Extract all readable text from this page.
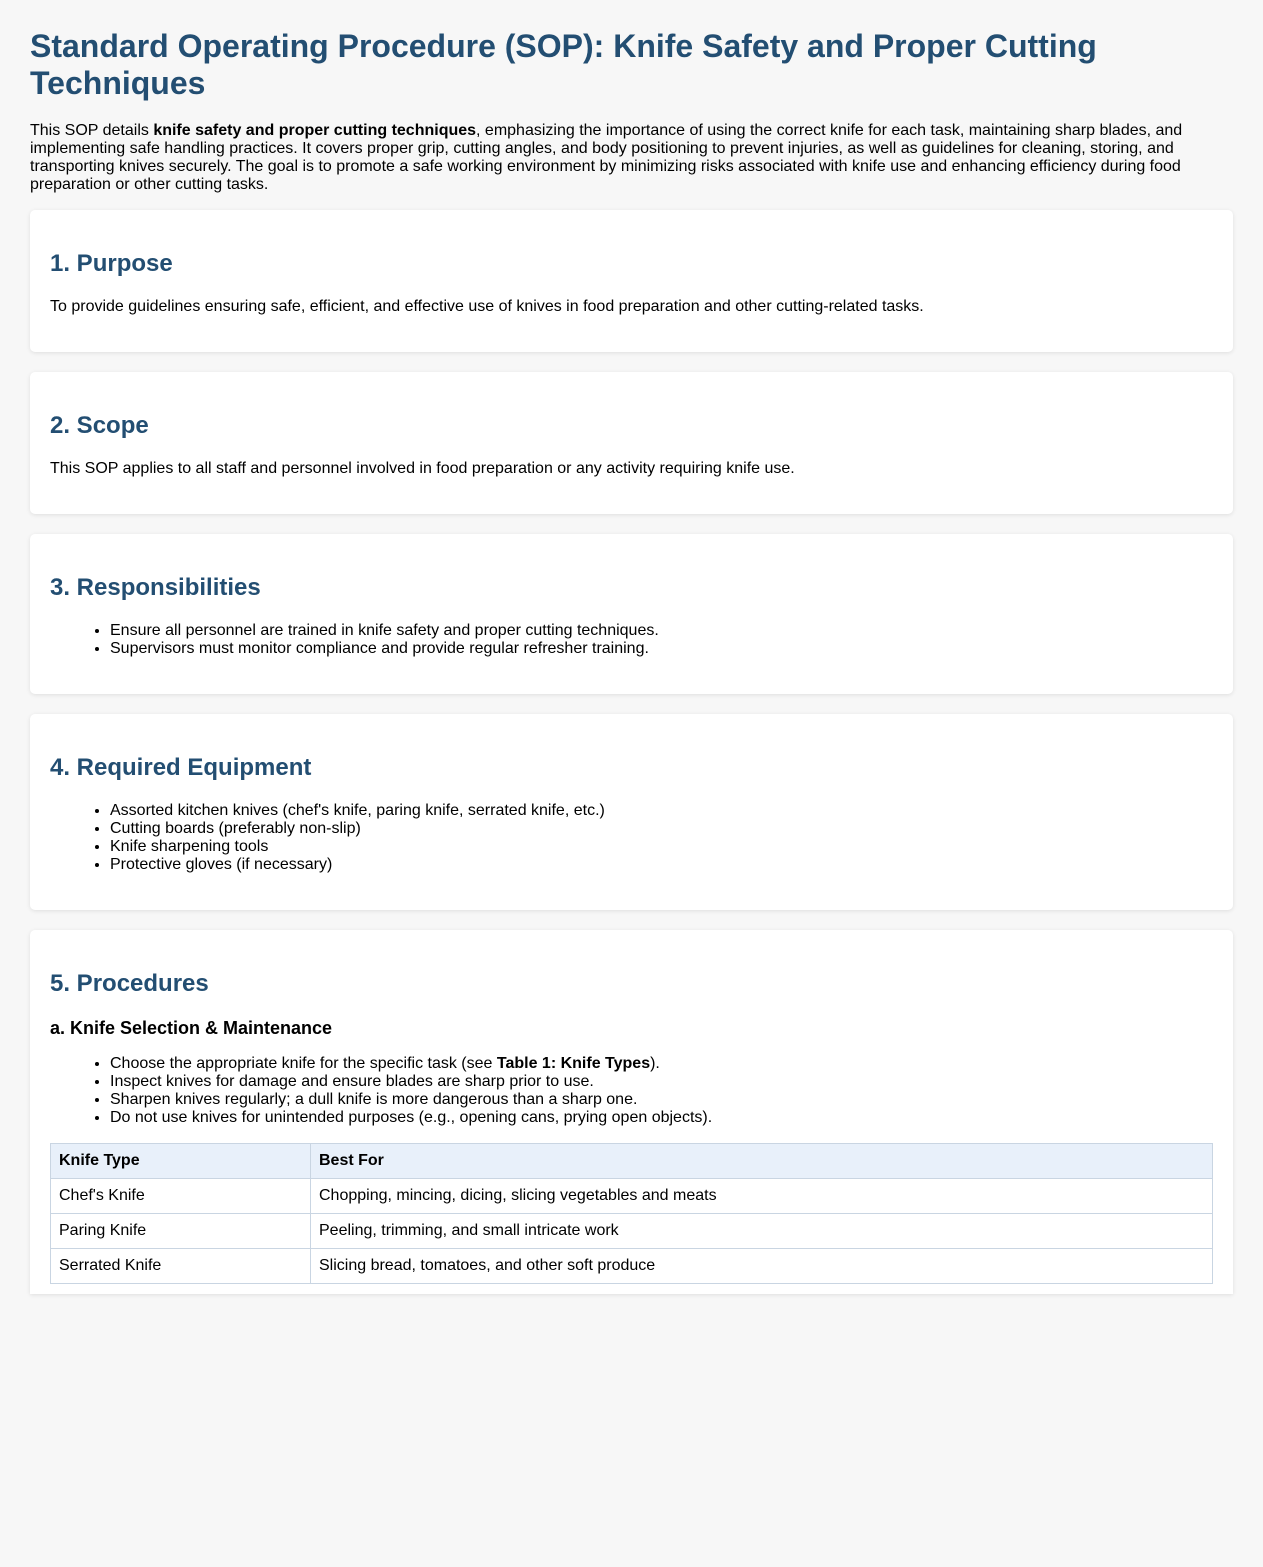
Standard Operating Procedure (SOP): Knife Safety and Proper Cutting Techniques

This SOP details knife safety and proper cutting techniques, emphasizing the importance of using the correct knife for each task, maintaining sharp blades, and implementing safe handling practices. It covers proper grip, cutting angles, and body positioning to prevent injuries, as well as guidelines for cleaning, storing, and transporting knives securely. The goal is to promote a safe working environment by minimizing risks associated with knife use and enhancing efficiency during food preparation or other cutting tasks.

1. Purpose

To provide guidelines ensuring safe, efficient, and effective use of knives in food preparation and other cutting-related tasks.

2. Scope

This SOP applies to all staff and personnel involved in food preparation or any activity requiring knife use.

3. Responsibilities
• Ensure all personnel are trained in knife safety and proper cutting techniques.
• Supervisors must monitor compliance and provide regular refresher training.
4. Required Equipment
• Assorted kitchen knives (chef's knife, paring knife, serrated knife, etc.)
• Cutting boards (preferably non-slip)
• Knife sharpening tools
• Protective gloves (if necessary)
5. Procedures
a. Knife Selection & Maintenance
• Choose the appropriate knife for the specific task (see Table 1: Knife Types).
• Inspect knives for damage and ensure blades are sharp prior to use.
• Sharpen knives regularly; a dull knife is more dangerous than a sharp one.
• Do not use knives for unintended purposes (e.g., opening cans, prying open objects).
Knife Type	Best For
Chef's Knife	Chopping, mincing, dicing, slicing vegetables and meats
Paring Knife	Peeling, trimming, and small intricate work
Serrated Knife	Slicing bread, tomatoes, and other soft produce
